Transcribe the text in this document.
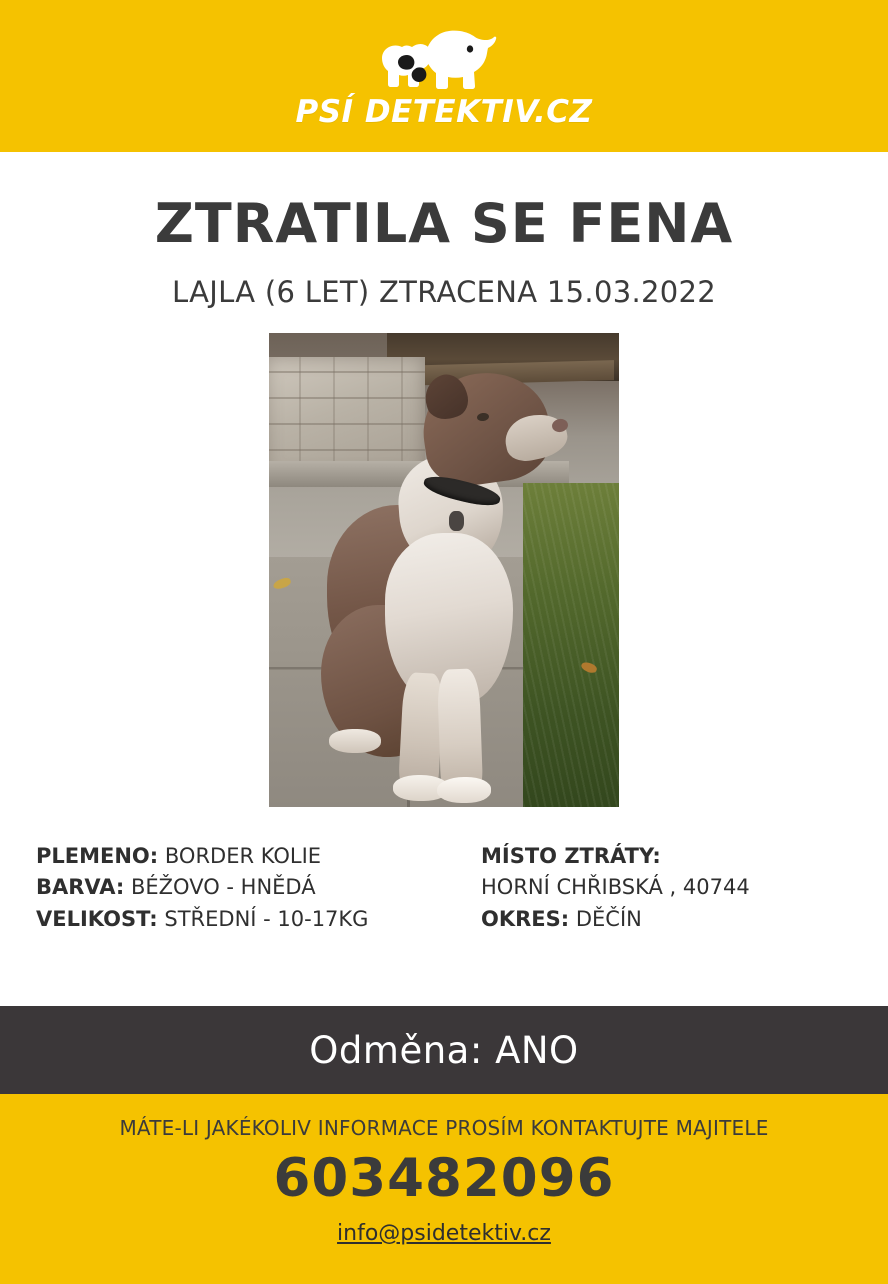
PSÍ DETEKTIV.CZ
ZTRATILA SE FENA
LAJLA (6 LET) ZTRACENA 15.03.2022
PLEMENO: BORDER KOLIE
BARVA: BÉŽOVO - HNĚDÁ
VELIKOST: STŘEDNÍ - 10-17KG
MÍSTO ZTRÁTY:
HORNÍ CHŘIBSKÁ , 40744
OKRES: DĚČÍN
Odměna: ANO
MÁTE-LI JAKÉKOLIV INFORMACE PROSÍM KONTAKTUJTE MAJITELE
603482096
info@psidetektiv.cz
